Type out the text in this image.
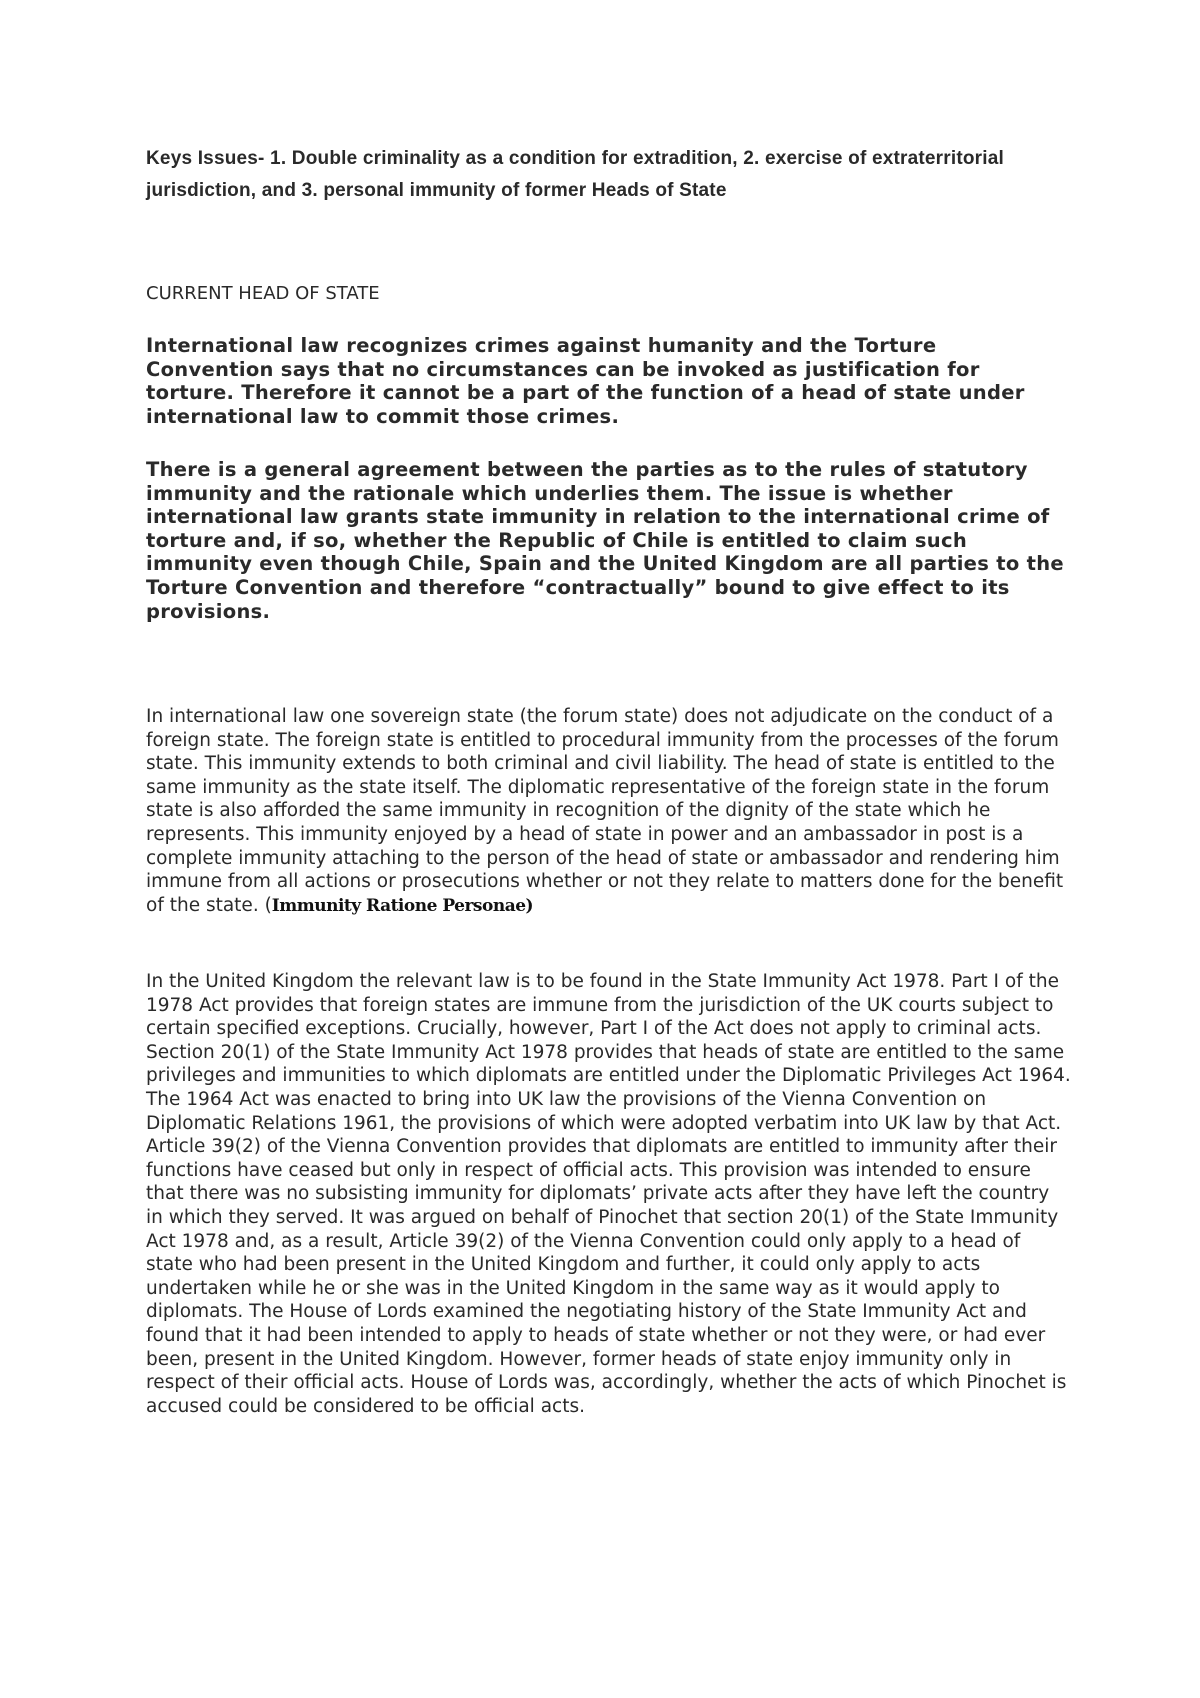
Keys Issues- 1. Double criminality as a condition for extradition, 2. exercise of extraterritorial jurisdiction, and 3. personal immunity of former Heads of State
CURRENT HEAD OF STATE
International law recognizes crimes against humanity and the Torture Convention says that no circumstances can be invoked as justification for torture. Therefore it cannot be a part of the function of a head of state under international law to commit those crimes.
There is a general agreement between the parties as to the rules of statutory immunity and the rationale which underlies them. The issue is whether international law grants state immunity in relation to the international crime of torture and, if so, whether the Republic of Chile is entitled to claim such immunity even though Chile, Spain and the United Kingdom are all parties to the Torture Convention and therefore “contractually” bound to give effect to its provisions.
In international law one sovereign state (the forum state) does not adjudicate on the conduct of a foreign state. The foreign state is entitled to procedural immunity from the processes of the forum state. This immunity extends to both criminal and civil liability. The head of state is entitled to the same immunity as the state itself. The diplomatic representative of the foreign state in the forum state is also afforded the same immunity in recognition of the dignity of the state which he represents. This immunity enjoyed by a head of state in power and an ambassador in post is a complete immunity attaching to the person of the head of state or ambassador and rendering him immune from all actions or prosecutions whether or not they relate to matters done for the benefit of the state. (Immunity Ratione Personae)
In the United Kingdom the relevant law is to be found in the State Immunity Act 1978. Part I of the 1978 Act provides that foreign states are immune from the jurisdiction of the UK courts subject to certain specified exceptions. Crucially, however, Part I of the Act does not apply to criminal acts. Section 20(1) of the State Immunity Act 1978 provides that heads of state are entitled to the same privileges and immunities to which diplomats are entitled under the Diplomatic Privileges Act 1964. The 1964 Act was enacted to bring into UK law the provisions of the Vienna Convention on Diplomatic Relations 1961, the provisions of which were adopted verbatim into UK law by that Act. Article 39(2) of the Vienna Convention provides that diplomats are entitled to immunity after their functions have ceased but only in respect of official acts. This provision was intended to ensure that there was no subsisting immunity for diplomats’ private acts after they have left the country in which they served. It was argued on behalf of Pinochet that section 20(1) of the State Immunity Act 1978 and, as a result, Article 39(2) of the Vienna Convention could only apply to a head of state who had been present in the United Kingdom and further, it could only apply to acts undertaken while he or she was in the United Kingdom in the same way as it would apply to diplomats. The House of Lords examined the negotiating history of the State Immunity Act and found that it had been intended to apply to heads of state whether or not they were, or had ever been, present in the United Kingdom. However, former heads of state enjoy immunity only in respect of their official acts. House of Lords was, accordingly, whether the acts of which Pinochet is accused could be considered to be official acts.
